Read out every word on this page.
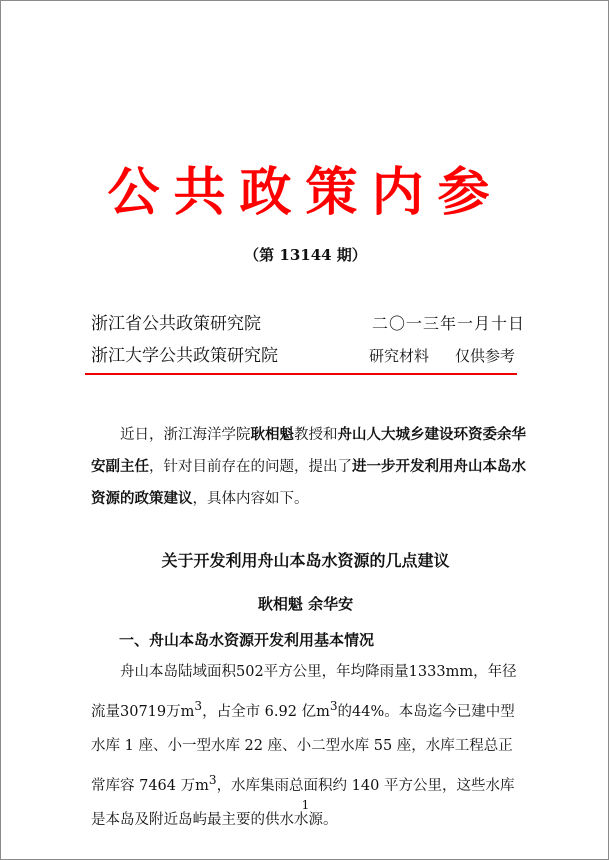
公共政策内参
（第 13144 期）
浙江省公共政策研究院	二〇一三年一月十日
浙江大学公共政策研究院	研究材料 仅供参考
近日，浙江海洋学院耿相魁教授和舟山人大城乡建设环资委余华安副主任，针对目前存在的问题，提出了进一步开发利用舟山本岛水资源的政策建议，具体内容如下。
关于开发利用舟山本岛水资源的几点建议
耿相魁 余华安
一、舟山本岛水资源开发利用基本情况
舟山本岛陆域面积502平方公里，年均降雨量1333mm，年径流量30719万$m^3$，占全市 6.92 亿$m^3$的44%。本岛迄今已建中型水库 1 座、小一型水库 22 座、小二型水库 55 座，水库工程总正常库容 7464 万$m^3$，水库集雨总面积约 140 平方公里，这些水库是本岛及附近岛屿最主要的供水水源。
1
